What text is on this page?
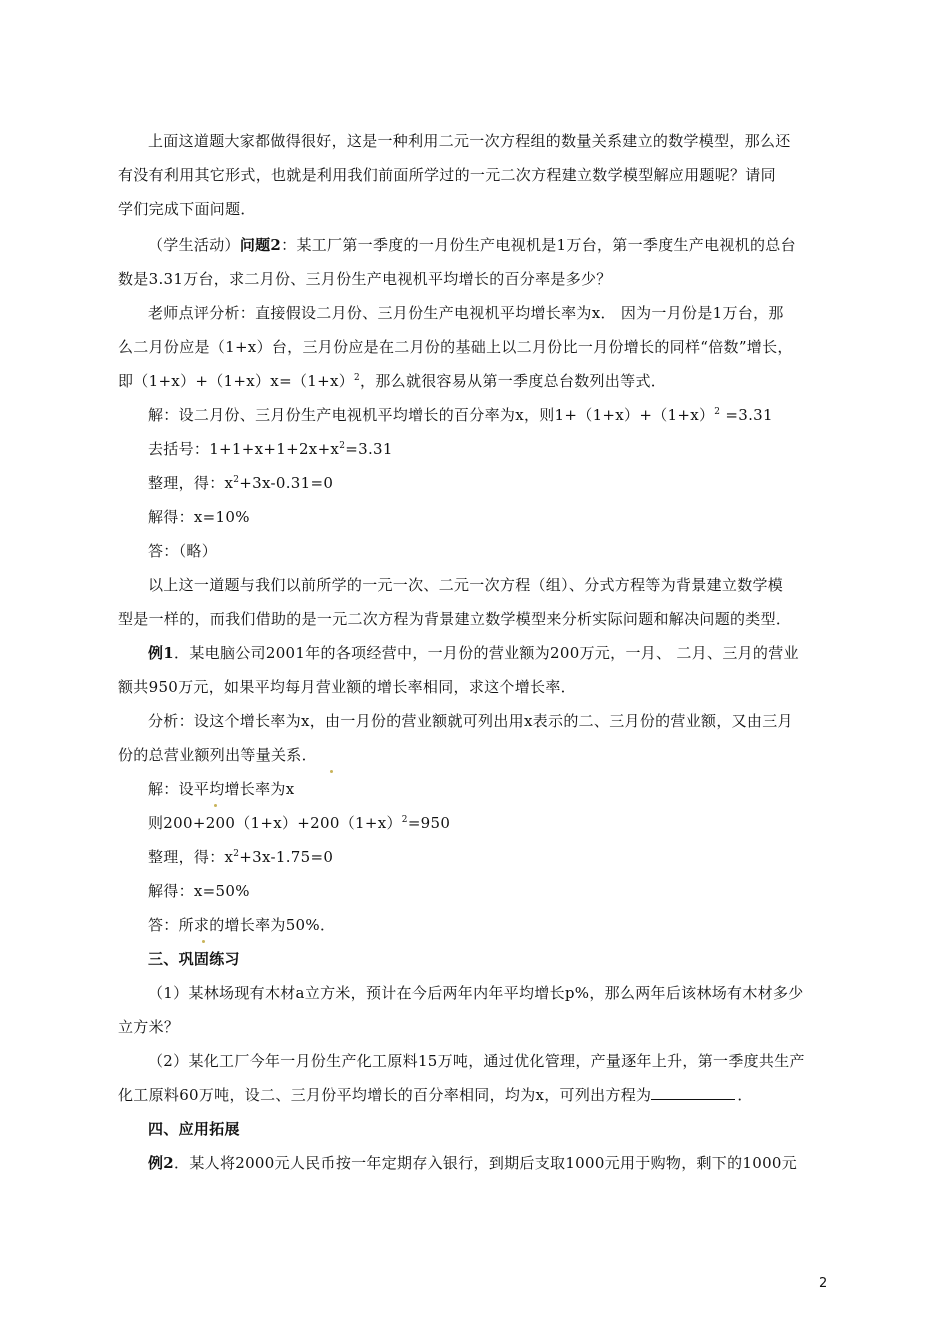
上面这道题大家都做得很好，这是一种利用二元一次方程组的数量关系建立的数学模型，那么还
有没有利用其它形式，也就是利用我们前面所学过的一元二次方程建立数学模型解应用题呢？请同
学们完成下面问题．
（学生活动）问题2：某工厂第一季度的一月份生产电视机是1万台，第一季度生产电视机的总台
数是3.31万台，求二月份、三月份生产电视机平均增长的百分率是多少？
老师点评分析：直接假设二月份、三月份生产电视机平均增长率为x． 因为一月份是1万台，那
么二月份应是（1+x）台，三月份应是在二月份的基础上以二月份比一月份增长的同样“倍数”增长，
即$(1+x)+(1+x)x=(1+x)^2$，那么就很容易从第一季度总台数列出等式．
解：设二月份、三月份生产电视机平均增长的百分率为x，则$1+(1+x)+(1+x)^2 =3.31$
去括号：$1+1+x+1+2x+x^2=3.31$
整理，得：$x^2+3x-0.31=0$
解得：x=10%
答：（略）
以上这一道题与我们以前所学的一元一次、二元一次方程（组）、分式方程等为背景建立数学模
型是一样的，而我们借助的是一元二次方程为背景建立数学模型来分析实际问题和解决问题的类型．
例1．某电脑公司2001年的各项经营中，一月份的营业额为200万元，一月、 二月、三月的营业
额共950万元，如果平均每月营业额的增长率相同，求这个增长率．
分析：设这个增长率为x，由一月份的营业额就可列出用x表示的二、三月份的营业额，又由三月
份的总营业额列出等量关系．
解：设平均增长率为x
则$200+200(1+x)+200(1+x)^2=950$
整理，得：$x^2+3x-1.75=0$
解得：x=50%
答：所求的增长率为50%．
三、巩固练习
（1）某林场现有木材a立方米，预计在今后两年内年平均增长p%，那么两年后该林场有木材多少
立方米？
（2）某化工厂今年一月份生产化工原料15万吨，通过优化管理，产量逐年上升，第一季度共生产
化工原料60万吨，设二、三月份平均增长的百分率相同，均为x，可列出方程为	．
四、应用拓展
例2．某人将2000元人民币按一年定期存入银行，到期后支取1000元用于购物，剩下的1000元
2
